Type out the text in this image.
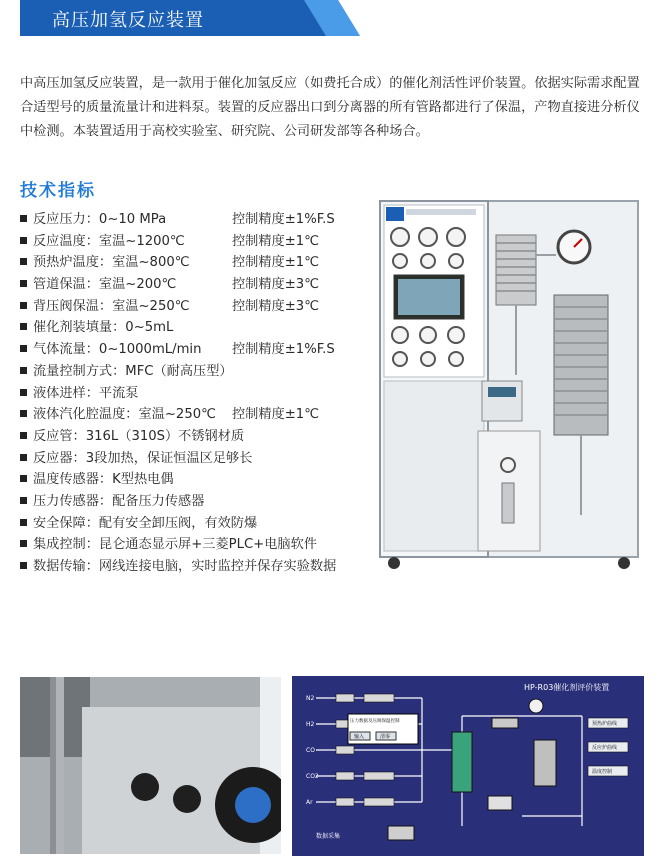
高压加氢反应装置
中高压加氢反应装置，是一款用于催化加氢反应（如费托合成）的催化剂活性评价装置。依据实际需求配置合适型号的质量流量计和进料泵。装置的反应器出口到分离器的所有管路都进行了保温，产物直接进分析仪中检测。本装置适用于高校实验室、研究院、公司研发部等各种场合。
技术指标
反应压力：0~10 MPa	控制精度±1%F.S
反应温度：室温~1200℃	控制精度±1℃
预热炉温度：室温~800℃	控制精度±1℃
管道保温：室温~200℃	控制精度±3℃
背压阀保温：室温~250℃	控制精度±3℃
催化剂装填量：0~5mL
气体流量：0~1000mL/min 控制精度±1%F.S
流量控制方式：MFC（耐高压型）
液体进样：平流泵
液体汽化腔温度：室温~250℃ 控制精度±1℃
反应管：316L（310S）不锈钢材质
反应器：3段加热，保证恒温区足够长
温度传感器：K型热电偶
压力传感器：配备压力传感器
安全保障：配有安全卸压阀，有效防爆
集成控制：昆仑通态显示屏+三菱PLC+电脑软件
数据传输：网线连接电脑，实时监控并保存实验数据
HP-R03催化剂评价装置
N2
H2
CO
CO2
Ar
压力数据及压阀保温控制
输入	清零
预热炉曲线
反应炉曲线
温度控制
数据采集
